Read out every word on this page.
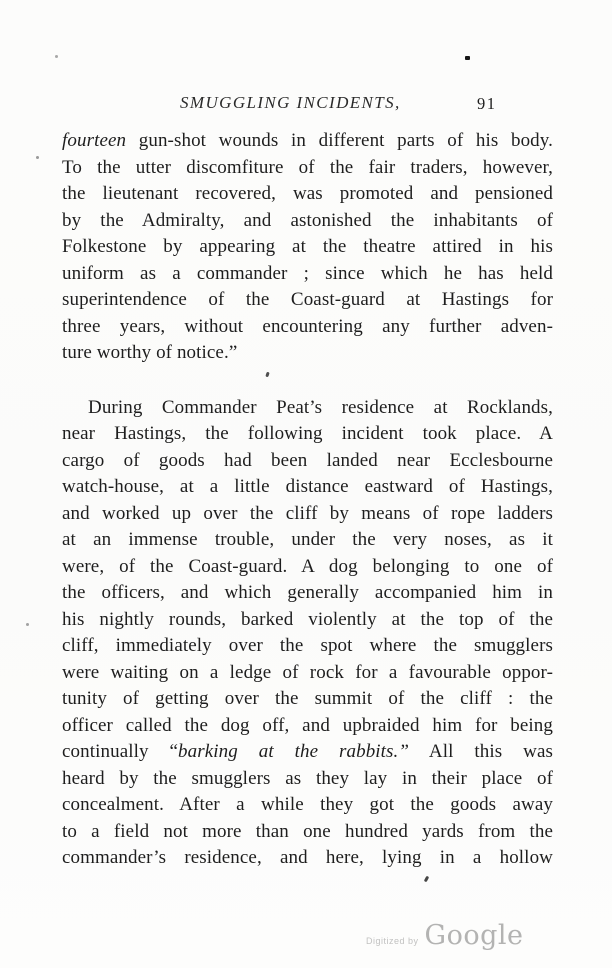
SMUGGLING INCIDENTS,	91
fourteen gun-shot wounds in different parts of his body.
To the utter discomfiture of the fair traders, however,
the lieutenant recovered, was promoted and pensioned
by the Admiralty, and astonished the inhabitants of
Folkestone by appearing at the theatre attired in his
uniform as a commander ; since which he has held
superintendence of the Coast-guard at Hastings for
three years, without encountering any further adven-
ture worthy of notice.”
During Commander Peat’s residence at Rocklands,
near Hastings, the following incident took place. A
cargo of goods had been landed near Ecclesbourne
watch-house, at a little distance eastward of Hastings,
and worked up over the cliff by means of rope ladders
at an immense trouble, under the very noses, as it
were, of the Coast-guard. A dog belonging to one of
the officers, and which generally accompanied him in
his nightly rounds, barked violently at the top of the
cliff, immediately over the spot where the smugglers
were waiting on a ledge of rock for a favourable oppor-
tunity of getting over the summit of the cliff : the
officer called the dog off, and upbraided him for being
continually “barking at the rabbits.” All this was
heard by the smugglers as they lay in their place of
concealment. After a while they got the goods away
to a field not more than one hundred yards from the
commander’s residence, and here, lying in a hollow
Digitized by Google
